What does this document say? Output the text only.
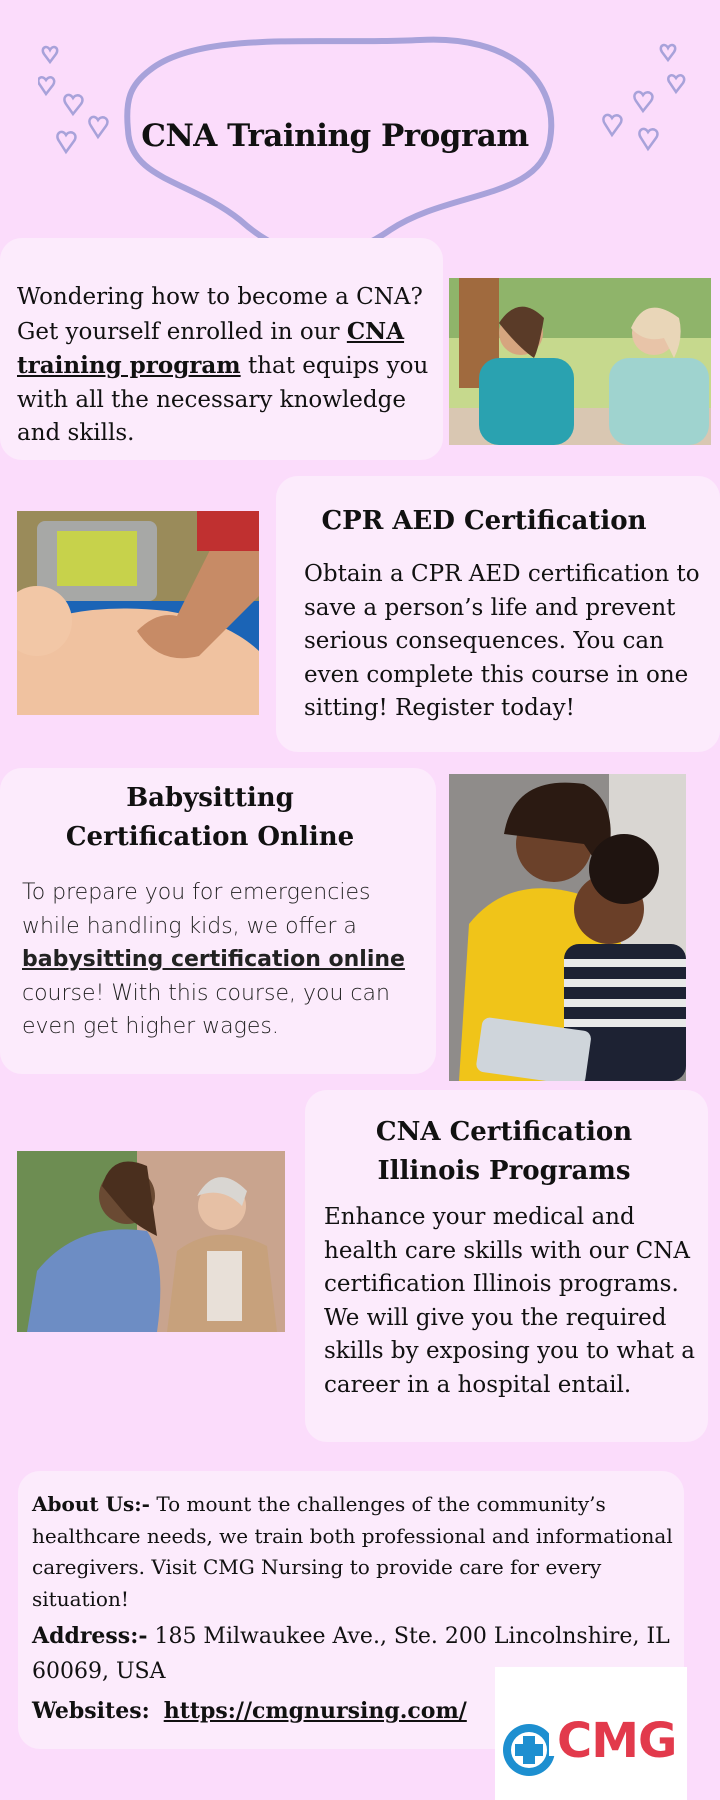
CNA Training Program
Wondering how to become a CNA? Get yourself enrolled in our CNA training program that equips you with all the necessary knowledge and skills.
CPR AED Certification
Obtain a CPR AED certification to save a person’s life and prevent serious consequences. You can even complete this course in one sitting! Register today!
Babysitting
Certification Online
To prepare you for emergencies while handling kids, we offer a babysitting certification online course! With this course, you can even get higher wages.
CNA Certification
Illinois Programs
Enhance your medical and health care skills with our CNA certification Illinois programs. We will give you the required skills by exposing you to what a career in a hospital entail.
About Us:- To mount the challenges of the community’s healthcare needs, we train both professional and informational caregivers. Visit CMG Nursing to provide care for every situation!
Address:- 185 Milwaukee Ave., Ste. 200 Lincolnshire, IL 60069, USA
Websites: https://cmgnursing.com/
CMG
